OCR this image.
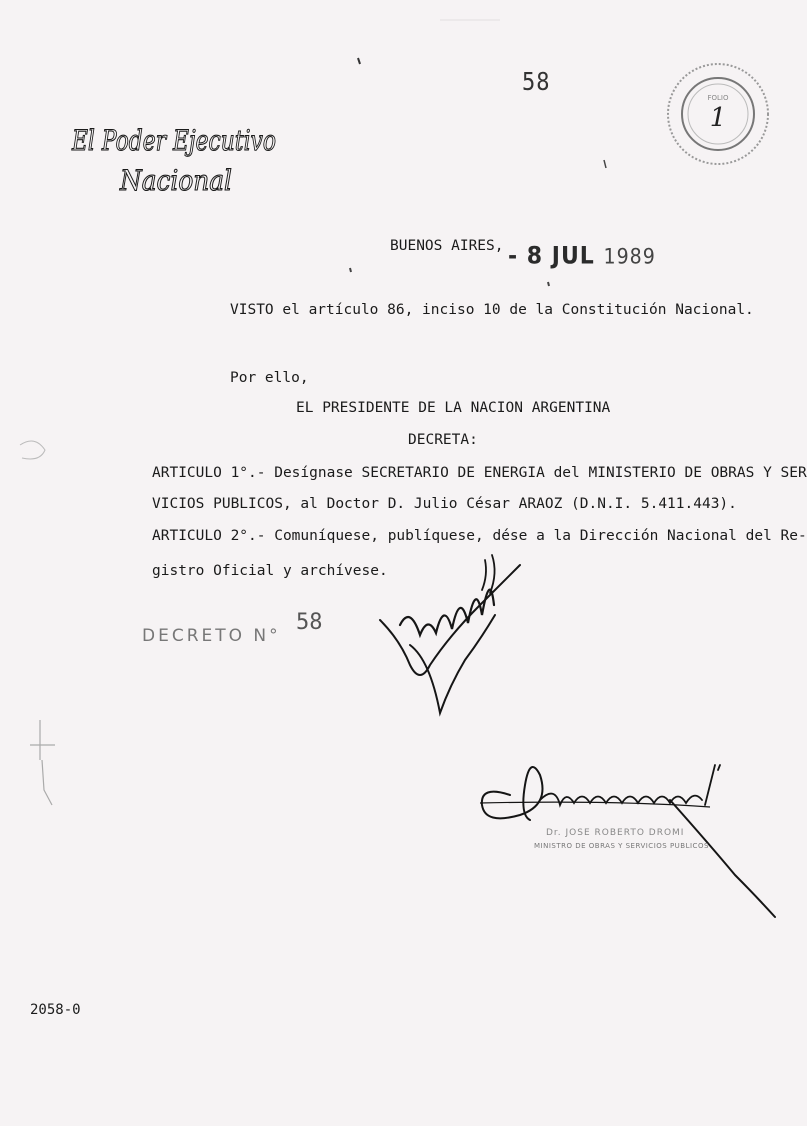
El Poder Ejecutivo
Nacional
58
FOLIO
1
BUENOS AIRES, - 8 JUL 1989
VISTO el artículo 86, inciso 10 de la Constitución Nacional.
Por ello,
EL PRESIDENTE DE LA NACION ARGENTINA
DECRETA:
ARTICULO 1°.- Desígnase SECRETARIO DE ENERGIA del MINISTERIO DE OBRAS Y SER
VICIOS PUBLICOS, al Doctor D. Julio César ARAOZ (D.N.I. 5.411.443).
ARTICULO 2°.- Comuníquese, publíquese, dése a la Dirección Nacional del Re-
gistro Oficial y archívese.
DECRETO N°
58
Dr. JOSE ROBERTO DROMI
MINISTRO DE OBRAS Y SERVICIOS PUBLICOS
2058-0
